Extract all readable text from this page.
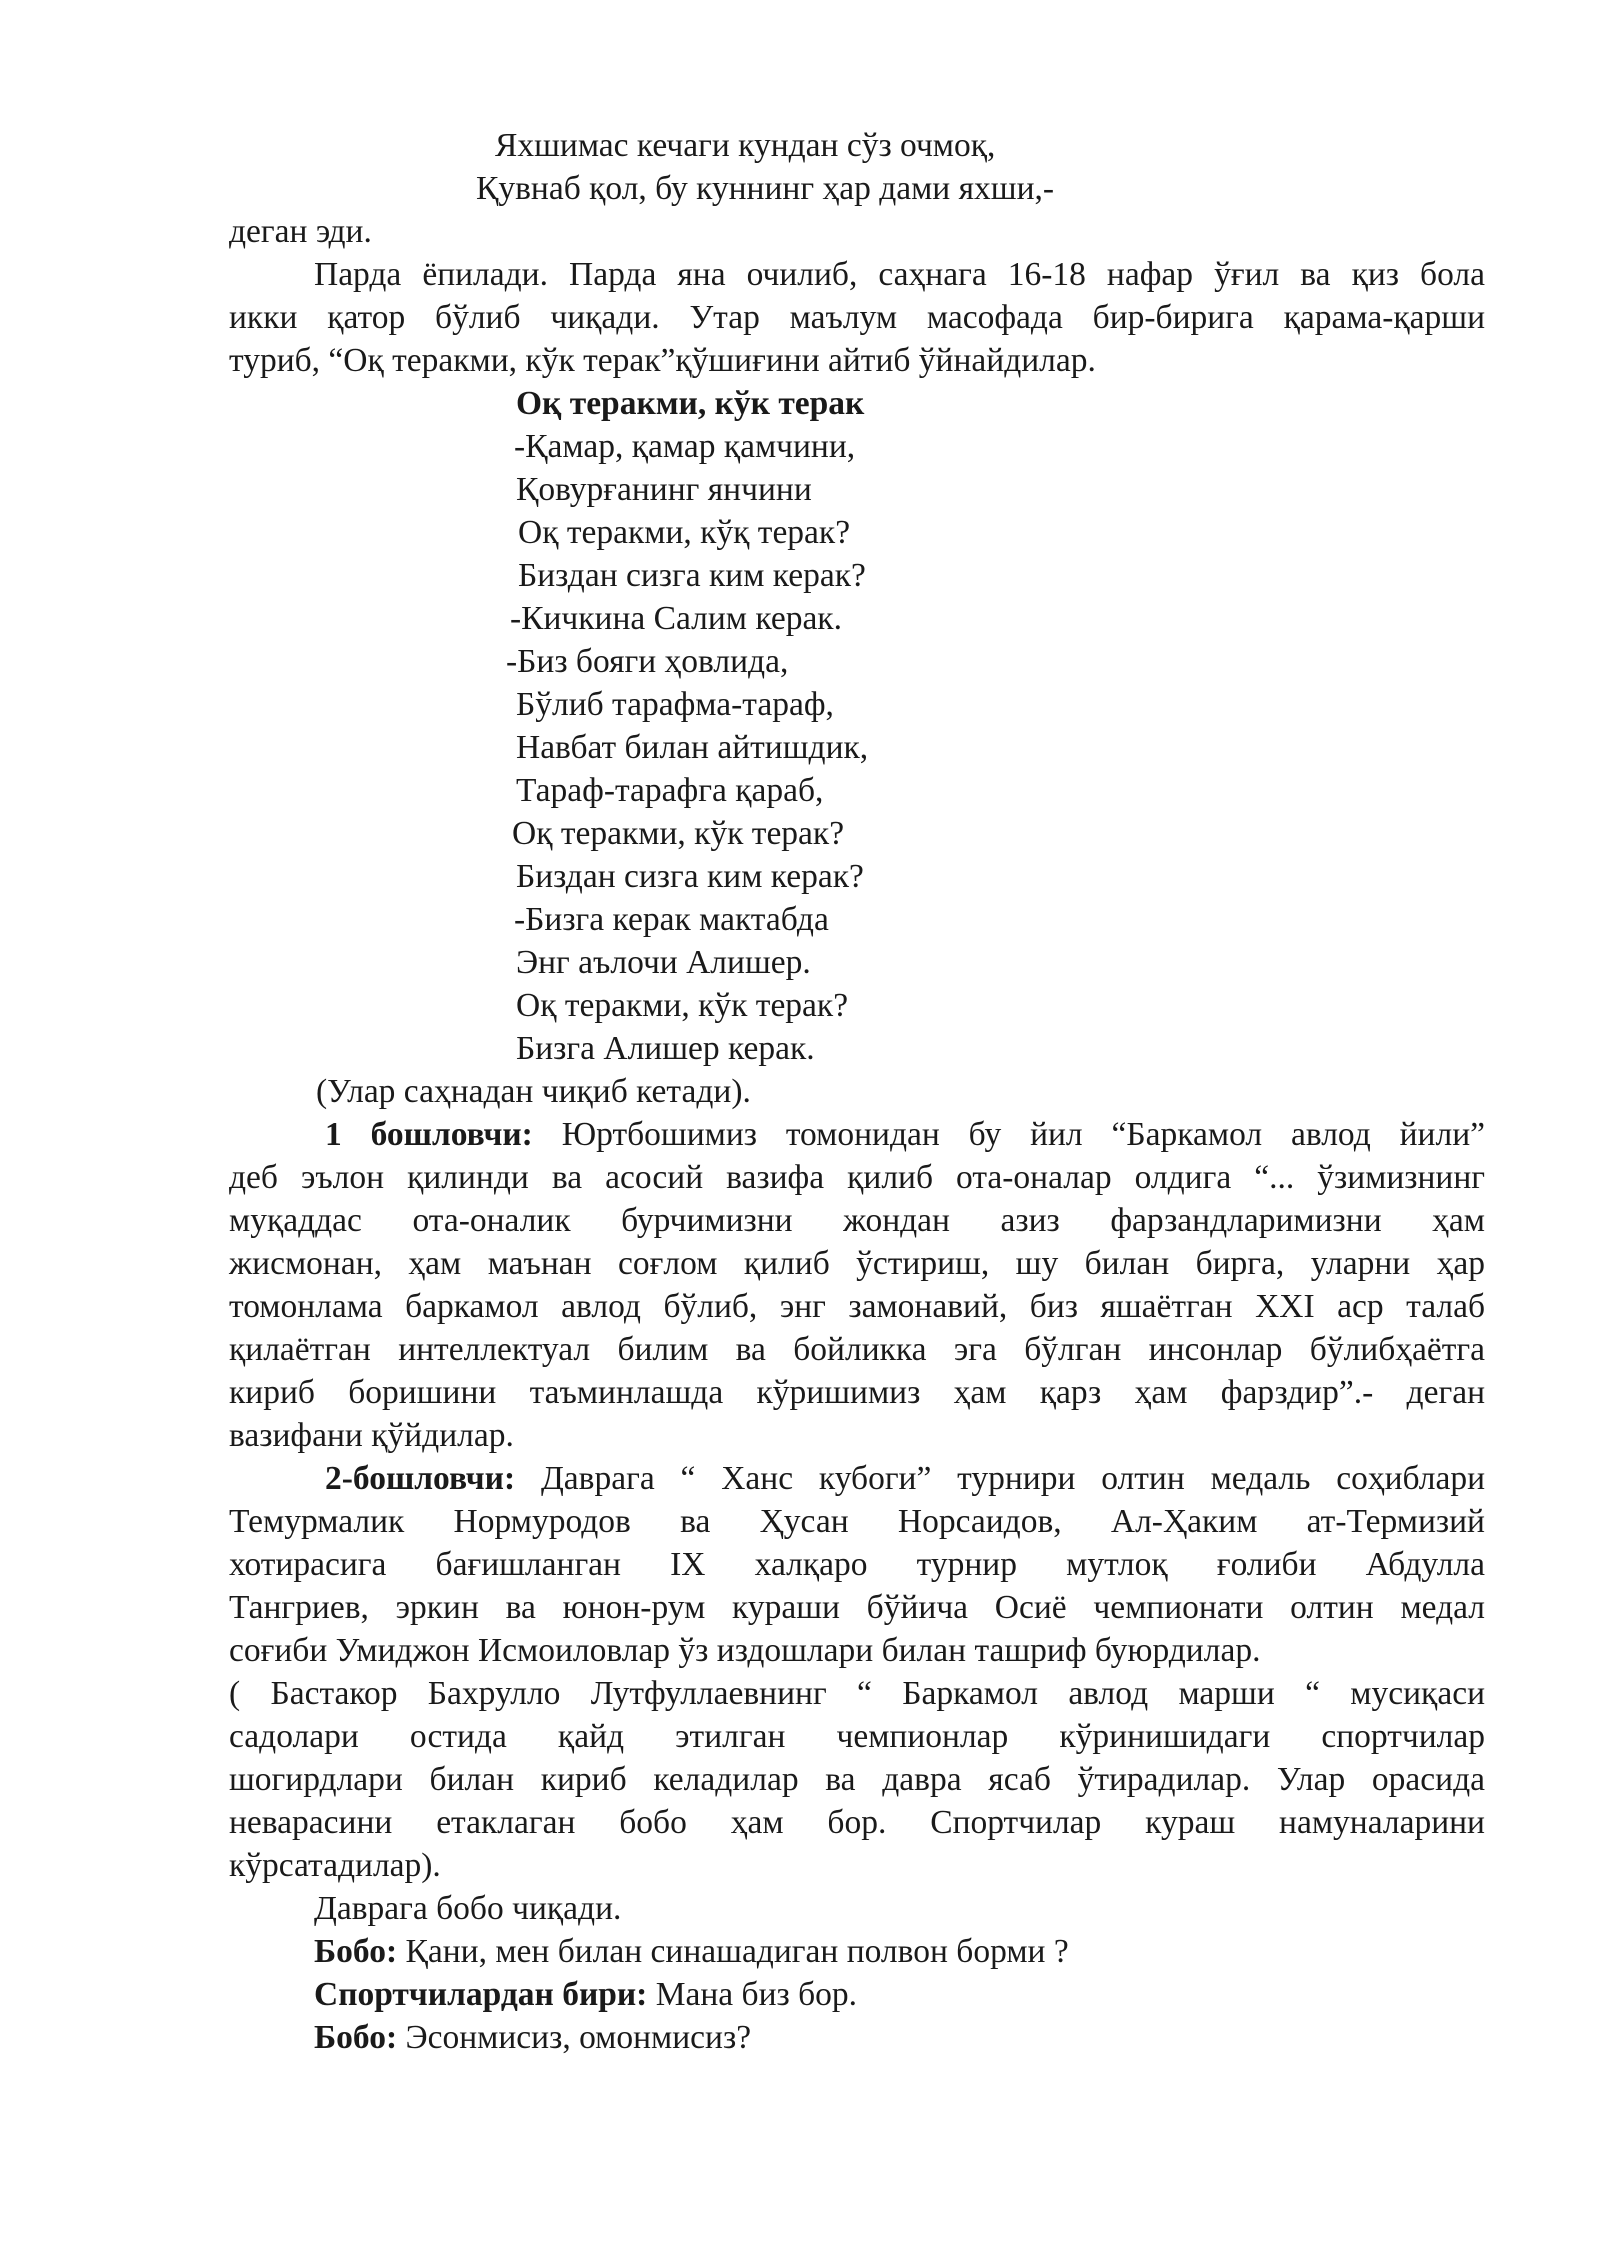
Яхшимас кечаги кундан сўз очмоқ,

Қувнаб қол, бу куннинг ҳар дами яхши,-

деган эди.

Парда ёпилади. Парда яна очилиб, саҳнага 16-18 нафар ўғил ва қиз бола

икки қатор бўлиб чиқади. Утар маълум масофада бир-бирига қарама-қарши

туриб, “Оқ теракми, кўк терак”қўшиғини айтиб ўйнайдилар.

Оқ теракми, кўк терак

-Қамар, қамар қамчини,

Қовурғанинг янчини

Оқ теракми, кўқ терак?

Биздан сизга ким керак?

-Кичкина Салим керак.

-Биз бояги ҳовлида,

Бўлиб тарафма-тараф,

Навбат билан айтишдик,

Тараф-тарафга қараб,

Оқ теракми, кўк терак?

Биздан сизга ким керак?

-Бизга керак мактабда

Энг аълочи Алишер.

Оқ теракми, кўк терак?

Бизга Алишер керак.

(Улар саҳнадан чиқиб кетади).

1 бошловчи: Юртбошимиз томонидан бу йил “Баркамол авлод йили”

деб эълон қилинди ва асосий вазифа қилиб ота-оналар олдига “... ўзимизнинг

муқаддас ота-оналик бурчимизни жондан азиз фарзандларимизни ҳам

жисмонан, ҳам маънан соғлом қилиб ўстириш, шу билан бирга, уларни ҳар

томонлама баркамол авлод бўлиб, энг замонавий, биз яшаётган XXI аср талаб

қилаётган интеллектуал билим ва бойликка эга бўлган инсонлар бўлибҳаётга

кириб боришини таъминлашда кўришимиз ҳам қарз ҳам фарздир”.- деган

вазифани қўйдилар.

2-бошловчи: Даврага “ Ханс кубоги” турнири олтин медаль соҳиблари

Темурмалик Нормуродов ва Ҳусан Норсаидов, Ал-Ҳаким ат-Термизий

хотирасига бағишланган IX халқаро турнир мутлоқ ғолиби Абдулла

Тангриев, эркин ва юнон-рум кураши бўйича Осиё чемпионати олтин медал

соғиби Умиджон Исмоиловлар ўз издошлари билан ташриф буюрдилар.

( Бастакор Бахрулло Лутфуллаевнинг “ Баркамол авлод марши “ мусиқаси

садолари остида қайд этилган чемпионлар кўринишидаги спортчилар

шогирдлари билан кириб келадилар ва давра ясаб ўтирадилар. Улар орасида

неварасини етаклаган бобо ҳам бор. Спортчилар кураш намуналарини

кўрсатадилар).

Даврага бобо чиқади.

Бобо: Қани, мен билан синашадиган полвон борми ?

Спортчилардан бири: Мана биз бор.

Бобо: Эсонмисиз, омонмисиз?
